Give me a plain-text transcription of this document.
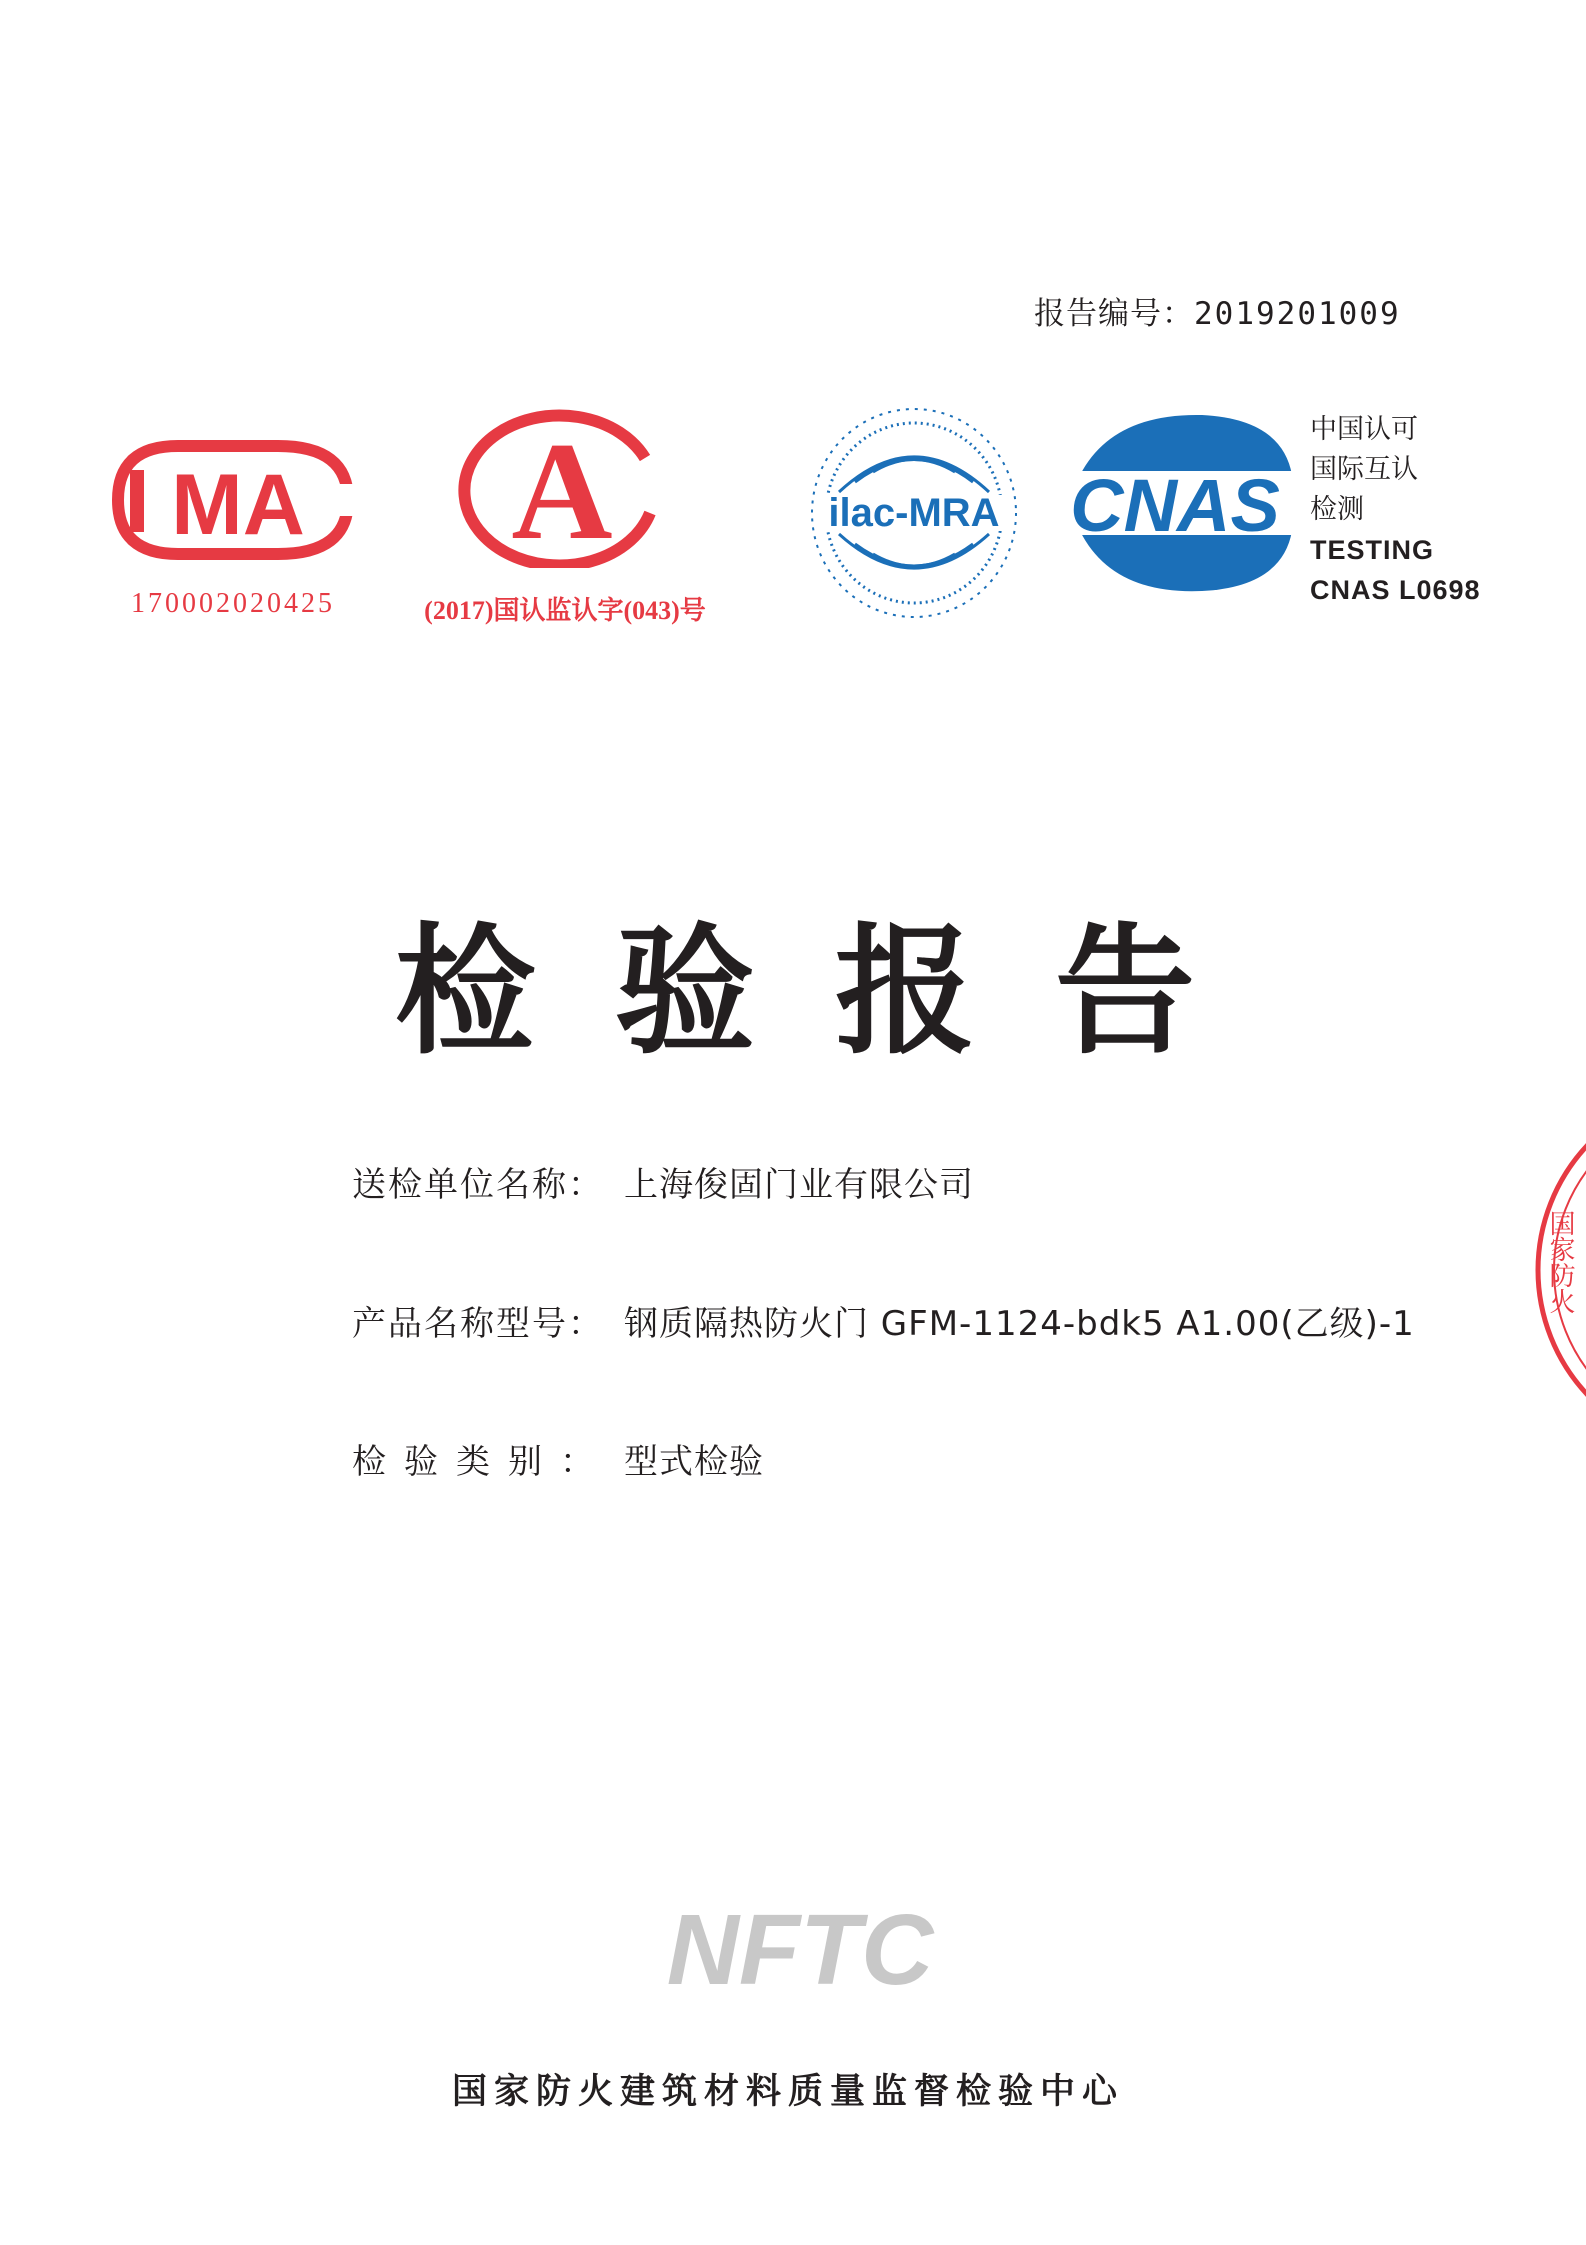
报告编号：2019201009
MA
170002020425
A
(2017)国认监认字(043)号
ilac-MRA CNAS
中国认可
国际互认
检测
TESTING
CNAS L0698
检验报告
送检单位名称： 上海俊固门业有限公司
产品名称型号： 钢质隔热防火门 GFM-1124-bdk5 A1.00(乙级)-1
检验类别： 型式检验
NFTC
国家防火建筑材料质量监督检验中心
国家防火
